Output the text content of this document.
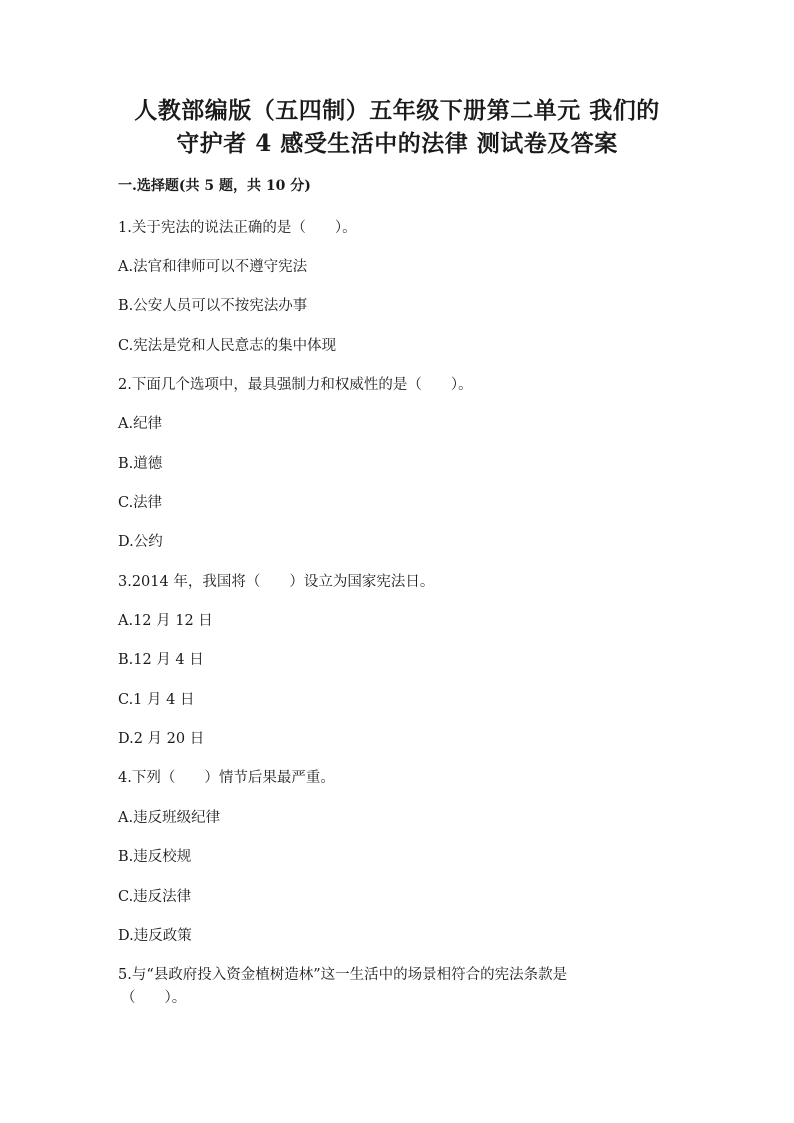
人教部编版（五四制）五年级下册第二单元 我们的
守护者 4 感受生活中的法律 测试卷及答案
一.选择题(共 5 题，共 10 分)
1.关于宪法的说法正确的是（　　）。
A.法官和律师可以不遵守宪法
B.公安人员可以不按宪法办事
C.宪法是党和人民意志的集中体现
2.下面几个选项中，最具强制力和权威性的是（　　）。
A.纪律
B.道德
C.法律
D.公约
3.2014 年，我国将（　　）设立为国家宪法日。
A.12 月 12 日
B.12 月 4 日
C.1 月 4 日
D.2 月 20 日
4.下列（　　）情节后果最严重。
A.违反班级纪律
B.违反校规
C.违反法律
D.违反政策
5.与“县政府投入资金植树造林”这一生活中的场景相符合的宪法条款是
（　　）。
